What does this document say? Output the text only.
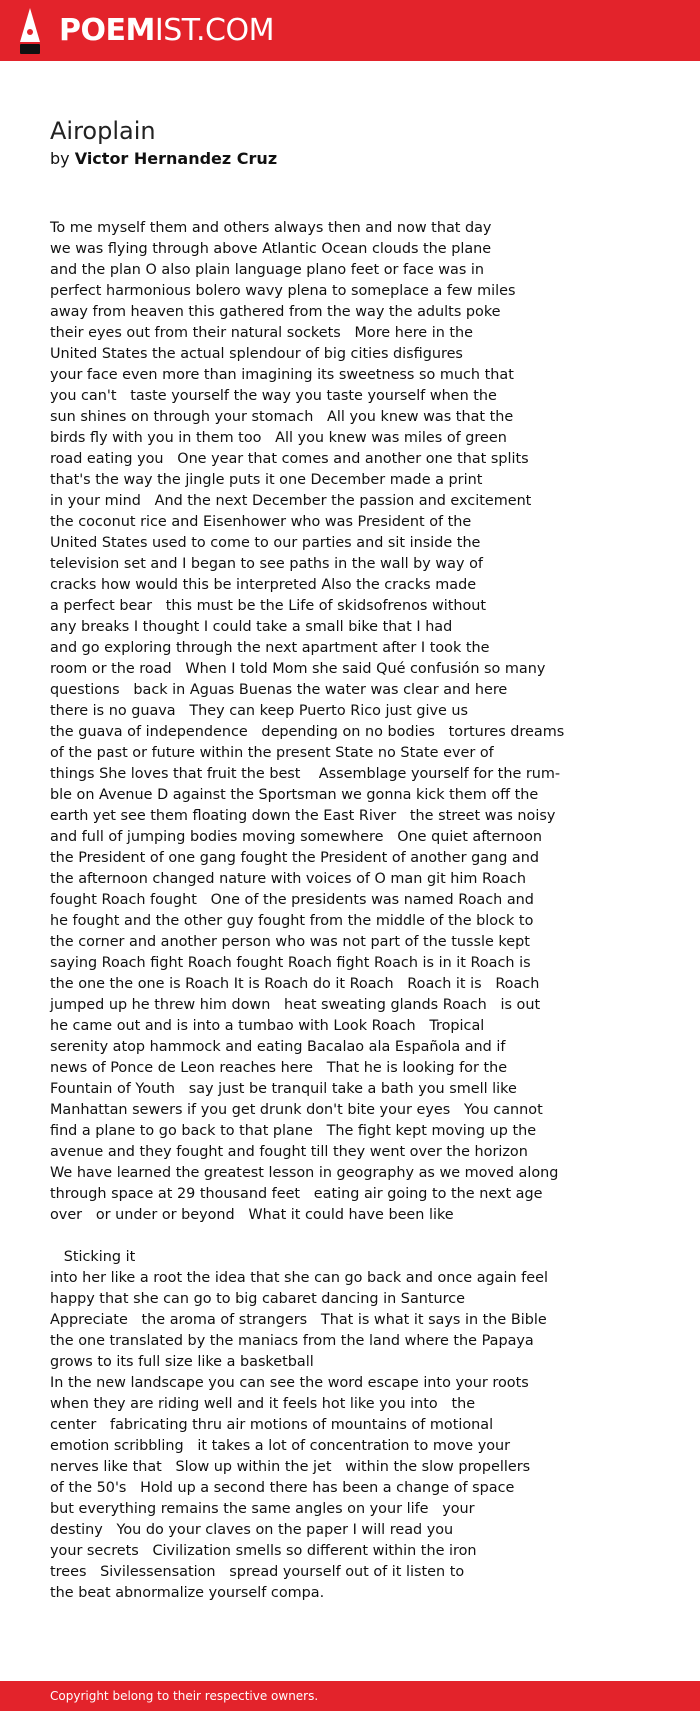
POEMIST.COM
Airoplain
by Victor Hernandez Cruz
To me myself them and others always then and now that day
we was flying through above Atlantic Ocean clouds the plane
and the plan O also plain language plano feet or face was in
perfect harmonious bolero wavy plena to someplace a few miles
away from heaven this gathered from the way the adults poke
their eyes out from their natural sockets   More here in the
United States the actual splendour of big cities disfigures
your face even more than imagining its sweetness so much that
you can't   taste yourself the way you taste yourself when the
sun shines on through your stomach   All you knew was that the
birds fly with you in them too   All you knew was miles of green
road eating you   One year that comes and another one that splits
that's the way the jingle puts it one December made a print
in your mind   And the next December the passion and excitement
the coconut rice and Eisenhower who was President of the
United States used to come to our parties and sit inside the
television set and I began to see paths in the wall by way of
cracks how would this be interpreted Also the cracks made
a perfect bear   this must be the Life of skidsofrenos without
any breaks I thought I could take a small bike that I had
and go exploring through the next apartment after I took the
room or the road   When I told Mom she said Qué confusión so many
questions   back in Aguas Buenas the water was clear and here
there is no guava   They can keep Puerto Rico just give us
the guava of independence   depending on no bodies   tortures dreams
of the past or future within the present State no State ever of
things She loves that fruit the best    Assemblage yourself for the rum-
ble on Avenue D against the Sportsman we gonna kick them off the
earth yet see them floating down the East River   the street was noisy
and full of jumping bodies moving somewhere   One quiet afternoon
the President of one gang fought the President of another gang and
the afternoon changed nature with voices of O man git him Roach
fought Roach fought   One of the presidents was named Roach and
he fought and the other guy fought from the middle of the block to
the corner and another person who was not part of the tussle kept
saying Roach fight Roach fought Roach fight Roach is in it Roach is
the one the one is Roach It is Roach do it Roach   Roach it is   Roach
jumped up he threw him down   heat sweating glands Roach   is out
he came out and is into a tumbao with Look Roach   Tropical
serenity atop hammock and eating Bacalao ala Española and if
news of Ponce de Leon reaches here   That he is looking for the
Fountain of Youth   say just be tranquil take a bath you smell like
Manhattan sewers if you get drunk don't bite your eyes   You cannot
find a plane to go back to that plane   The fight kept moving up the
avenue and they fought and fought till they went over the horizon
We have learned the greatest lesson in geography as we moved along
through space at 29 thousand feet   eating air going to the next age
over   or under or beyond   What it could have been like
Sticking it
into her like a root the idea that she can go back and once again feel
happy that she can go to big cabaret dancing in Santurce
Appreciate   the aroma of strangers   That is what it says in the Bible
the one translated by the maniacs from the land where the Papaya
grows to its full size like a basketball
In the new landscape you can see the word escape into your roots
when they are riding well and it feels hot like you into   the
center   fabricating thru air motions of mountains of motional
emotion scribbling   it takes a lot of concentration to move your
nerves like that   Slow up within the jet   within the slow propellers
of the 50's   Hold up a second there has been a change of space
but everything remains the same angles on your life   your
destiny   You do your claves on the paper I will read you
your secrets   Civilization smells so different within the iron
trees   Sivilessensation   spread yourself out of it listen to
the beat abnormalize yourself compa.
Copyright belong to their respective owners.
